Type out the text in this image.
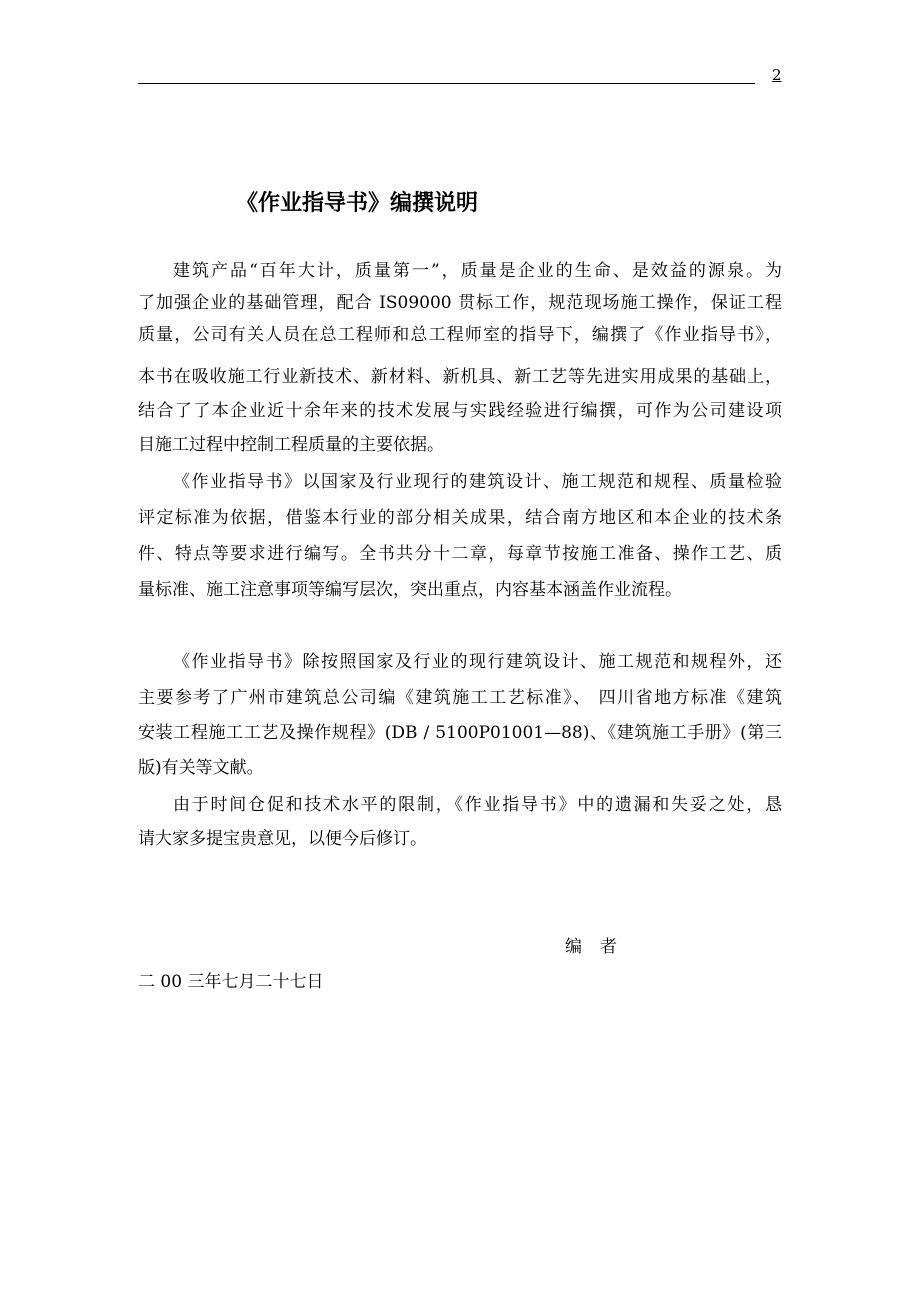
2
《作业指导书》编撰说明
建筑产品“百年大计，质量第一”，质量是企业的生命、是效益的源泉。为
了加强企业的基础管理，配合 IS09000 贯标工作，规范现场施工操作，保证工程
质量，公司有关人员在总工程师和总工程师室的指导下，编撰了《作业指导书》，
本书在吸收施工行业新技术、新材料、新机具、新工艺等先进实用成果的基础上，
结合了了本企业近十余年来的技术发展与实践经验进行编撰，可作为公司建设项
目施工过程中控制工程质量的主要依据。
《作业指导书》以国家及行业现行的建筑设计、施工规范和规程、质量检验
评定标准为依据，借鉴本行业的部分相关成果，结合南方地区和本企业的技术条
件、特点等要求进行编写。全书共分十二章，每章节按施工准备、操作工艺、质
量标准、施工注意事项等编写层次，突出重点，内容基本涵盖作业流程。
《作业指导书》除按照国家及行业的现行建筑设计、施工规范和规程外，还
主要参考了广州市建筑总公司编《建筑施工工艺标准》、 四川省地方标准《建筑
安装工程施工工艺及操作规程》(DB / 5100P01001—88)、《建筑施工手册》(第三
版)有关等文献。
由于时间仓促和技术水平的限制，《作业指导书》中的遗漏和失妥之处，恳
请大家多提宝贵意见，以便今后修订。
编者
二 00 三年七月二十七日
